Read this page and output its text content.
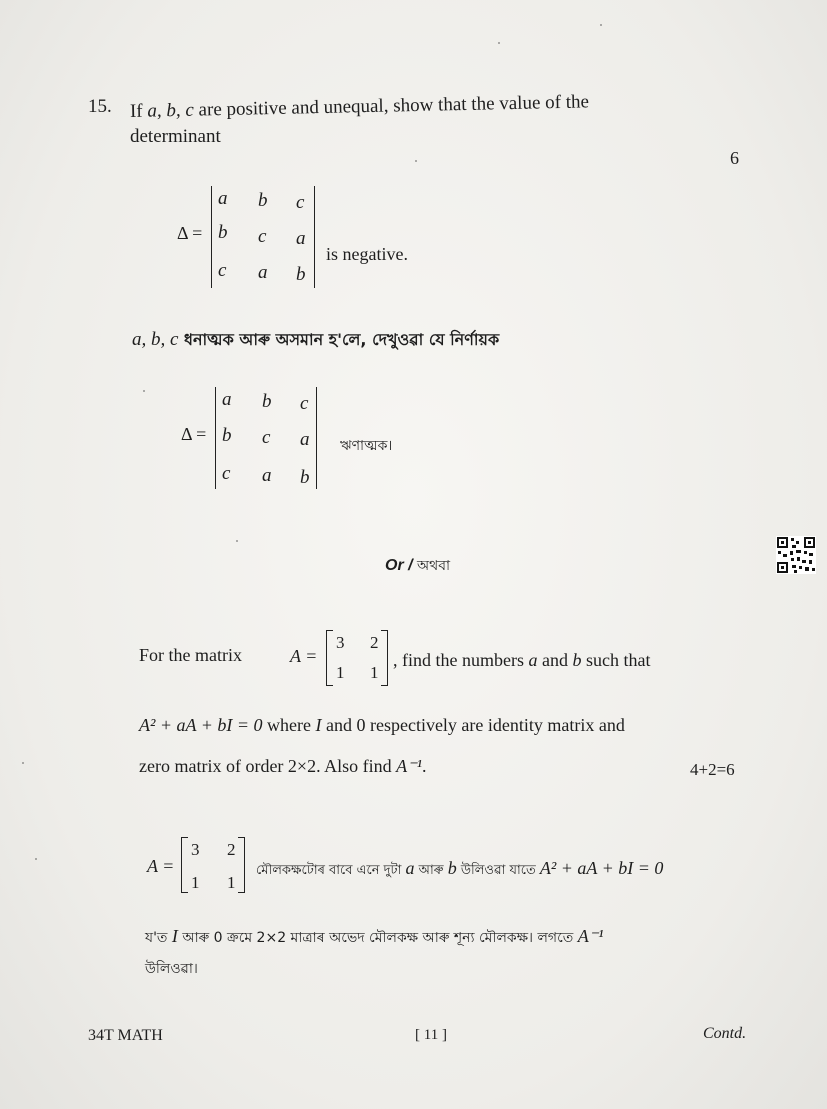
15. If a, b, c are positive and unequal, show that the value of the
determinant
6
Δ =
a b c
b c a
c a b
is negative.
a, b, c ধনাত্মক আৰু অসমান হ'লে, দেখুওৱা যে নিৰ্ণায়ক
Δ =
a b c
b c a
c a b
ঋণাত্মক।
Or / অথবা
For the matrix	A =
3 2
1 1
, find the numbers a and b such that
A² + aA + bI = 0 where I and 0 respectively are identity matrix and
zero matrix of order 2×2. Also find A⁻¹.	4+2=6
A =
3 2
1 1
মৌলকক্ষটোৰ বাবে এনে দুটা a আৰু b উলিওৱা যাতে A² + aA + bI = 0
য'ত I আৰু 0 ক্ৰমে 2×2 মাত্ৰাৰ অভেদ মৌলকক্ষ আৰু শূন্য মৌলকক্ষ। লগতে A⁻¹
উলিওৱা।
34T MATH	[ 11 ]	Contd.
